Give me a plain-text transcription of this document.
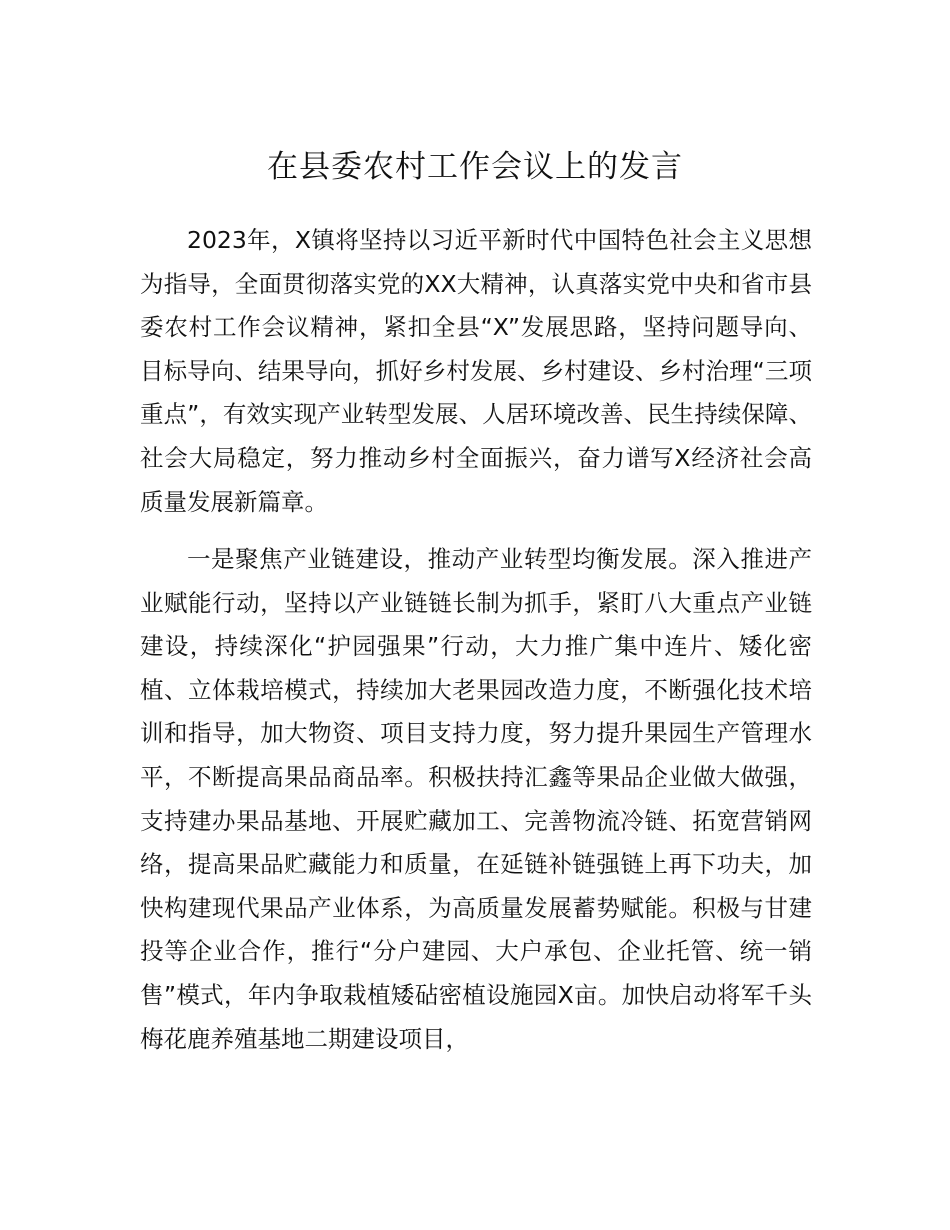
在县委农村工作会议上的发言

2023年，X镇将坚持以习近平新时代中国特色社会主义思想为指导，全面贯彻落实党的XX大精神，认真落实党中央和省市县委农村工作会议精神，紧扣全县“X”发展思路，坚持问题导向、目标导向、结果导向，抓好乡村发展、乡村建设、乡村治理“三项重点”，有效实现产业转型发展、人居环境改善、民生持续保障、社会大局稳定，努力推动乡村全面振兴，奋力谱写X经济社会高质量发展新篇章。

一是聚焦产业链建设，推动产业转型均衡发展。深入推进产业赋能行动，坚持以产业链链长制为抓手，紧盯八大重点产业链建设，持续深化“护园强果”行动，大力推广集中连片、矮化密植、立体栽培模式，持续加大老果园改造力度，不断强化技术培训和指导，加大物资、项目支持力度，努力提升果园生产管理水平，不断提高果品商品率。积极扶持汇鑫等果品企业做大做强，支持建办果品基地、开展贮藏加工、完善物流冷链、拓宽营销网络，提高果品贮藏能力和质量，在延链补链强链上再下功夫，加快构建现代果品产业体系，为高质量发展蓄势赋能。积极与甘建投等企业合作，推行“分户建园、大户承包、企业托管、统一销售”模式，年内争取栽植矮砧密植设施园X亩。加快启动将军千头梅花鹿养殖基地二期建设项目，
